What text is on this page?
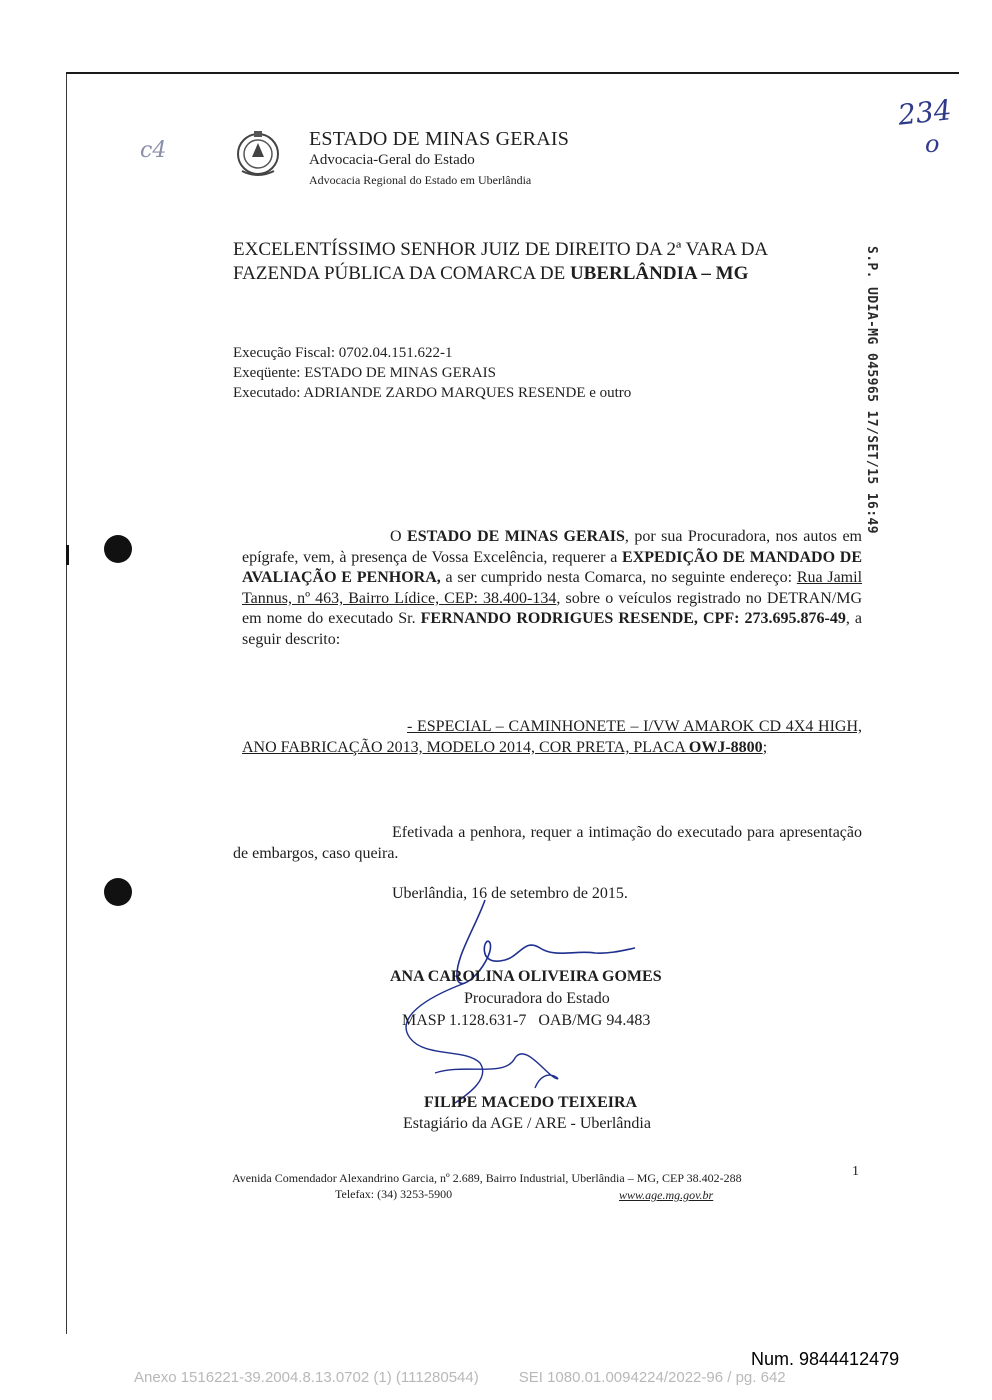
ESTADO DE MINAS GERAIS
Advocacia-Geral do Estado
Advocacia Regional do Estado em Uberlândia
234
o
c4
EXCELENTÍSSIMO SENHOR JUIZ DE DIREITO DA 2ª VARA DA
FAZENDA PÚBLICA DA COMARCA DE UBERLÂNDIA – MG	S.P. UDIA-MG 045965 17/SET/15 16:49
Execução Fiscal: 0702.04.151.622-1
Exeqüente: ESTADO DE MINAS GERAIS
Executado: ADRIANDE ZARDO MARQUES RESENDE e outro
O ESTADO DE MINAS GERAIS, por sua Procuradora, nos autos em epígrafe, vem, à presença de Vossa Excelência, requerer a EXPEDIÇÃO DE MANDADO DE AVALIAÇÃO E PENHORA, a ser cumprido nesta Comarca, no seguinte endereço: Rua Jamil Tannus, nº 463, Bairro Lídice, CEP: 38.400-134, sobre o veículos registrado no DETRAN/MG em nome do executado Sr. FERNANDO RODRIGUES RESENDE, CPF: 273.695.876-49, a seguir descrito:
- ESPECIAL – CAMINHONETE – I/VW AMAROK CD 4X4 HIGH, ANO FABRICAÇÃO 2013, MODELO 2014, COR PRETA, PLACA OWJ-8800;
Efetivada a penhora, requer a intimação do executado para apresentação de embargos, caso queira.
Uberlândia, 16 de setembro de 2015.
ANA CAROLINA OLIVEIRA GOMES
Procuradora do Estado
MASP 1.128.631-7   OAB/MG 94.483
FILIPE MACEDO TEIXEIRA
Estagiário da AGE / ARE - Uberlândia
Avenida Comendador Alexandrino Garcia, nº 2.689, Bairro Industrial, Uberlândia – MG, CEP 38.402-288
Telefax: (34) 3253-5900	www.age.mg.gov.br
1
Num. 9844412479
Anexo 1516221-39.2004.8.13.0702 (1) (111280544)	SEI 1080.01.0094224/2022-96 / pg. 642
